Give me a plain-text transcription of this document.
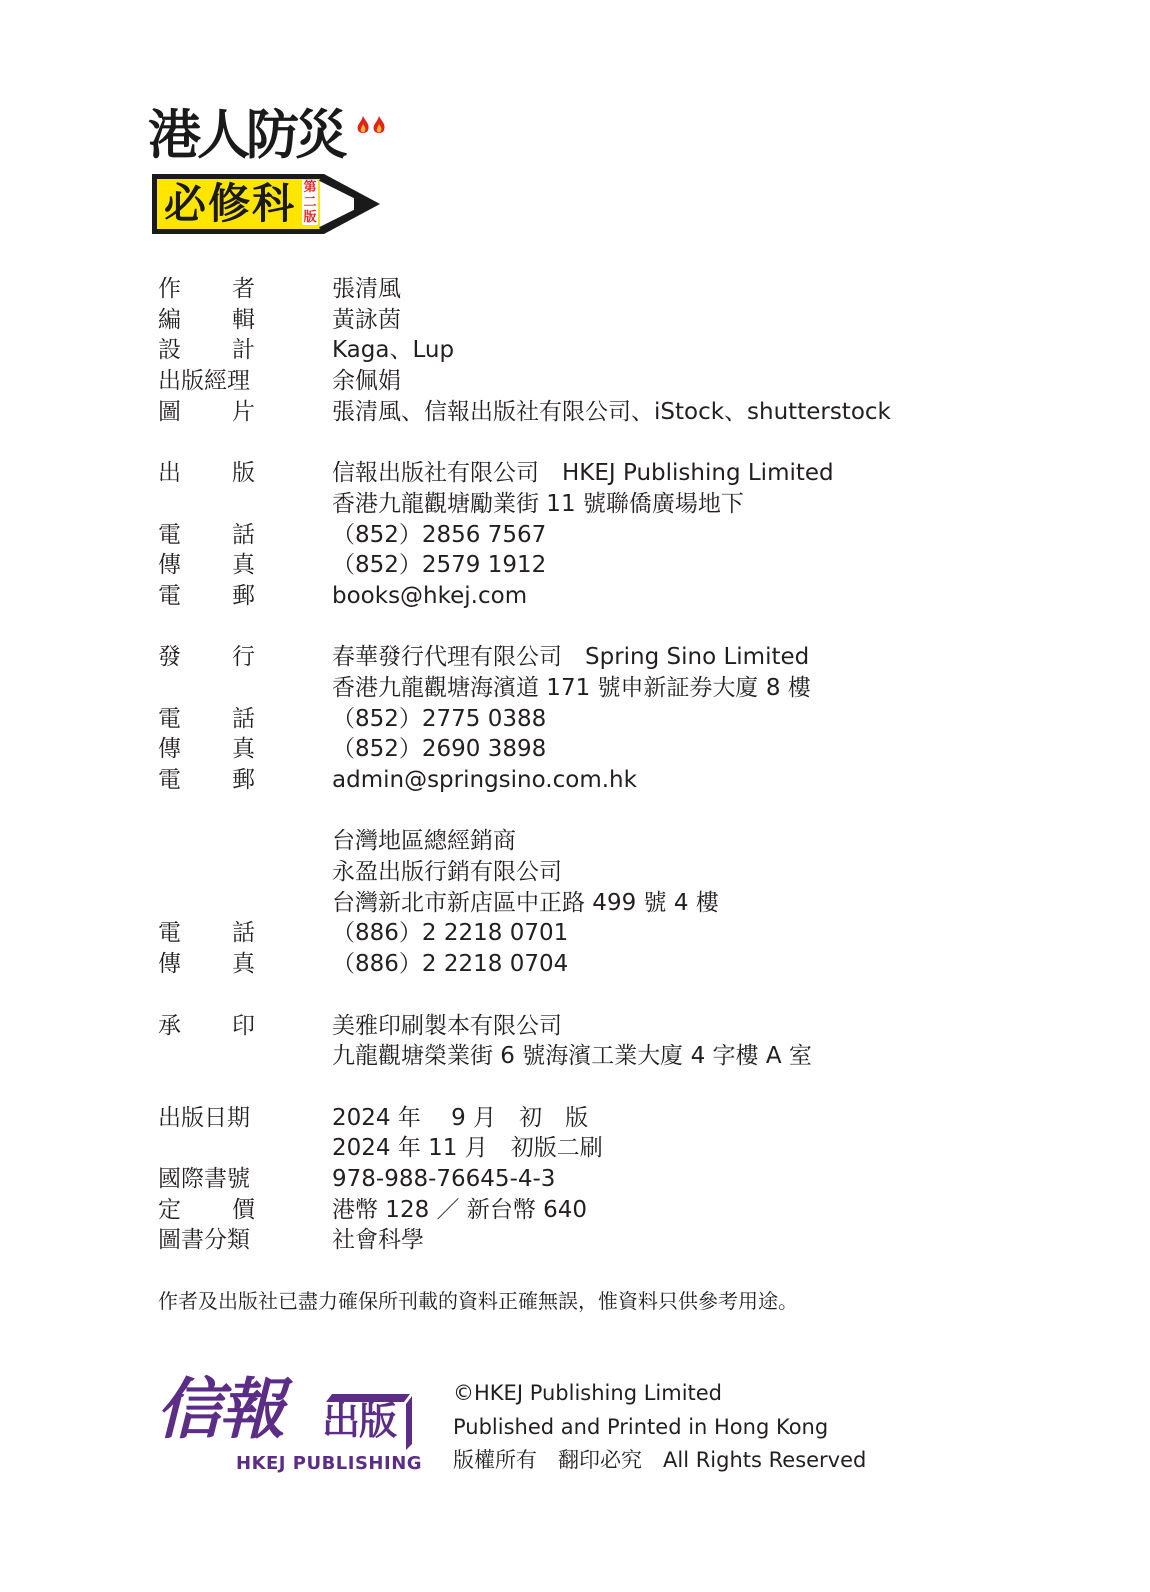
港人防災
必修科 第二版
作 者	張清風
編 輯	黃詠茵
設 計	Kaga、Lup
出版經理	余佩娟
圖 片	張清風、信報出版社有限公司、iStock、shutterstock
出 版	信報出版社有限公司　HKEJ Publishing Limited
香港九龍觀塘勵業街 11 號聯僑廣場地下
電 話	（852）2856 7567
傳 真	（852）2579 1912
電 郵	books@hkej.com
發 行	春華發行代理有限公司　Spring Sino Limited
香港九龍觀塘海濱道 171 號申新証券大廈 8 樓
電 話	（852）2775 0388
傳 真	（852）2690 3898
電 郵	admin@springsino.com.hk
台灣地區總經銷商
永盈出版行銷有限公司
台灣新北市新店區中正路 499 號 4 樓
電 話	（886）2 2218 0701
傳 真	（886）2 2218 0704
承 印	美雅印刷製本有限公司
九龍觀塘榮業街 6 號海濱工業大廈 4 字樓 A 室
出版日期	2024 年　 9 月　初　版
2024 年 11 月　初版二刷
國際書號	978-988-76645-4-3
定 價	港幣 128 ／ 新台幣 640
圖書分類	社會科學
作者及出版社已盡力確保所刊載的資料正確無誤，惟資料只供參考用途。
信報 出版
HKEJ PUBLISHING
©HKEJ Publishing Limited
Published and Printed in Hong Kong
版權所有　翻印必究　All Rights Reserved
